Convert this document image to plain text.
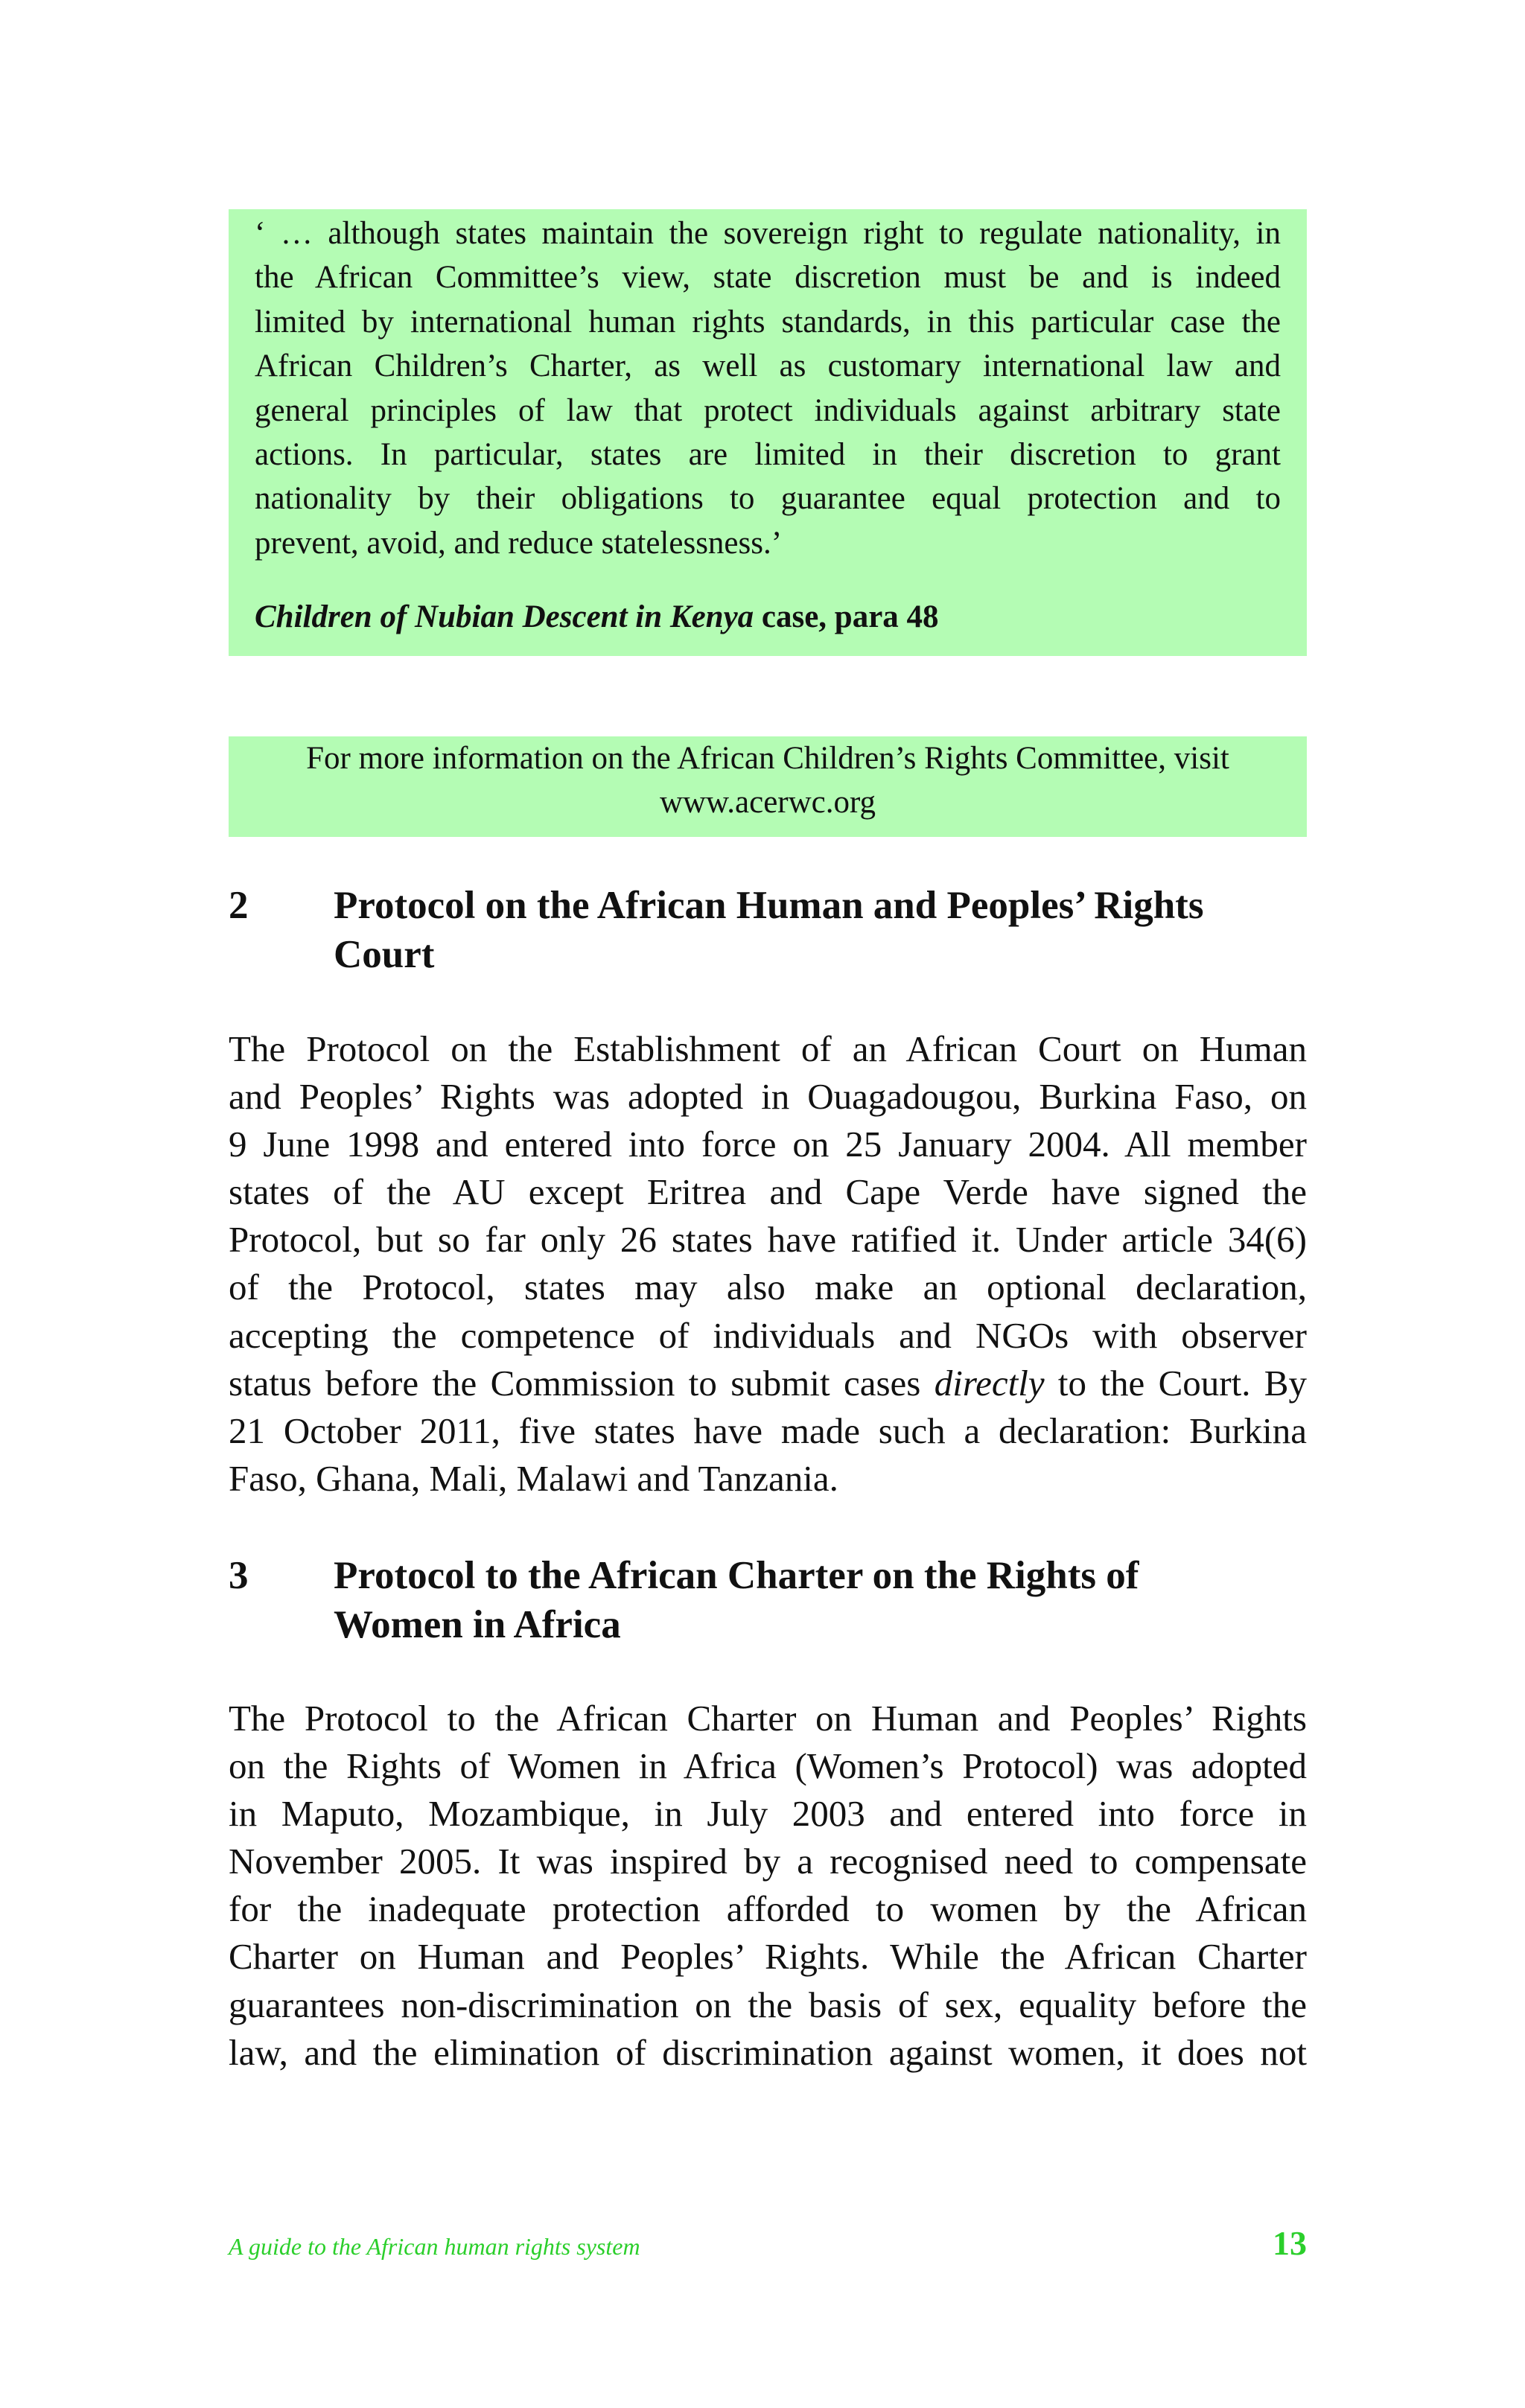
‘ … although states maintain the sovereign right to regulate nationality, in
the African Committee’s view, state discretion must be and is indeed
limited by international human rights standards, in this particular case the
African Children’s Charter, as well as customary international law and
general principles of law that protect individuals against arbitrary state
actions. In particular, states are limited in their discretion to grant
nationality by their obligations to guarantee equal protection and to
prevent, avoid, and reduce statelessness.’
Children of Nubian Descent in Kenya case, para 48
For more information on the African Children’s Rights Committee, visit
www.acerwc.org
2 Protocol on the African Human and Peoples’ Rights
Court
The Protocol on the Establishment of an African Court on Human
and Peoples’ Rights was adopted in Ouagadougou, Burkina Faso, on
9 June 1998 and entered into force on 25 January 2004. All member
states of the AU except Eritrea and Cape Verde have signed the
Protocol, but so far only 26 states have ratified it. Under article 34(6)
of the Protocol, states may also make an optional declaration,
accepting the competence of individuals and NGOs with observer
status before the Commission to submit cases directly to the Court. By
21 October 2011, five states have made such a declaration: Burkina
Faso, Ghana, Mali, Malawi and Tanzania.
3 Protocol to the African Charter on the Rights of
Women in Africa
The Protocol to the African Charter on Human and Peoples’ Rights
on the Rights of Women in Africa (Women’s Protocol) was adopted
in Maputo, Mozambique, in July 2003 and entered into force in
November 2005. It was inspired by a recognised need to compensate
for the inadequate protection afforded to women by the African
Charter on Human and Peoples’ Rights. While the African Charter
guarantees non-discrimination on the basis of sex, equality before the
law, and the elimination of discrimination against women, it does not
A guide to the African human rights system	13
